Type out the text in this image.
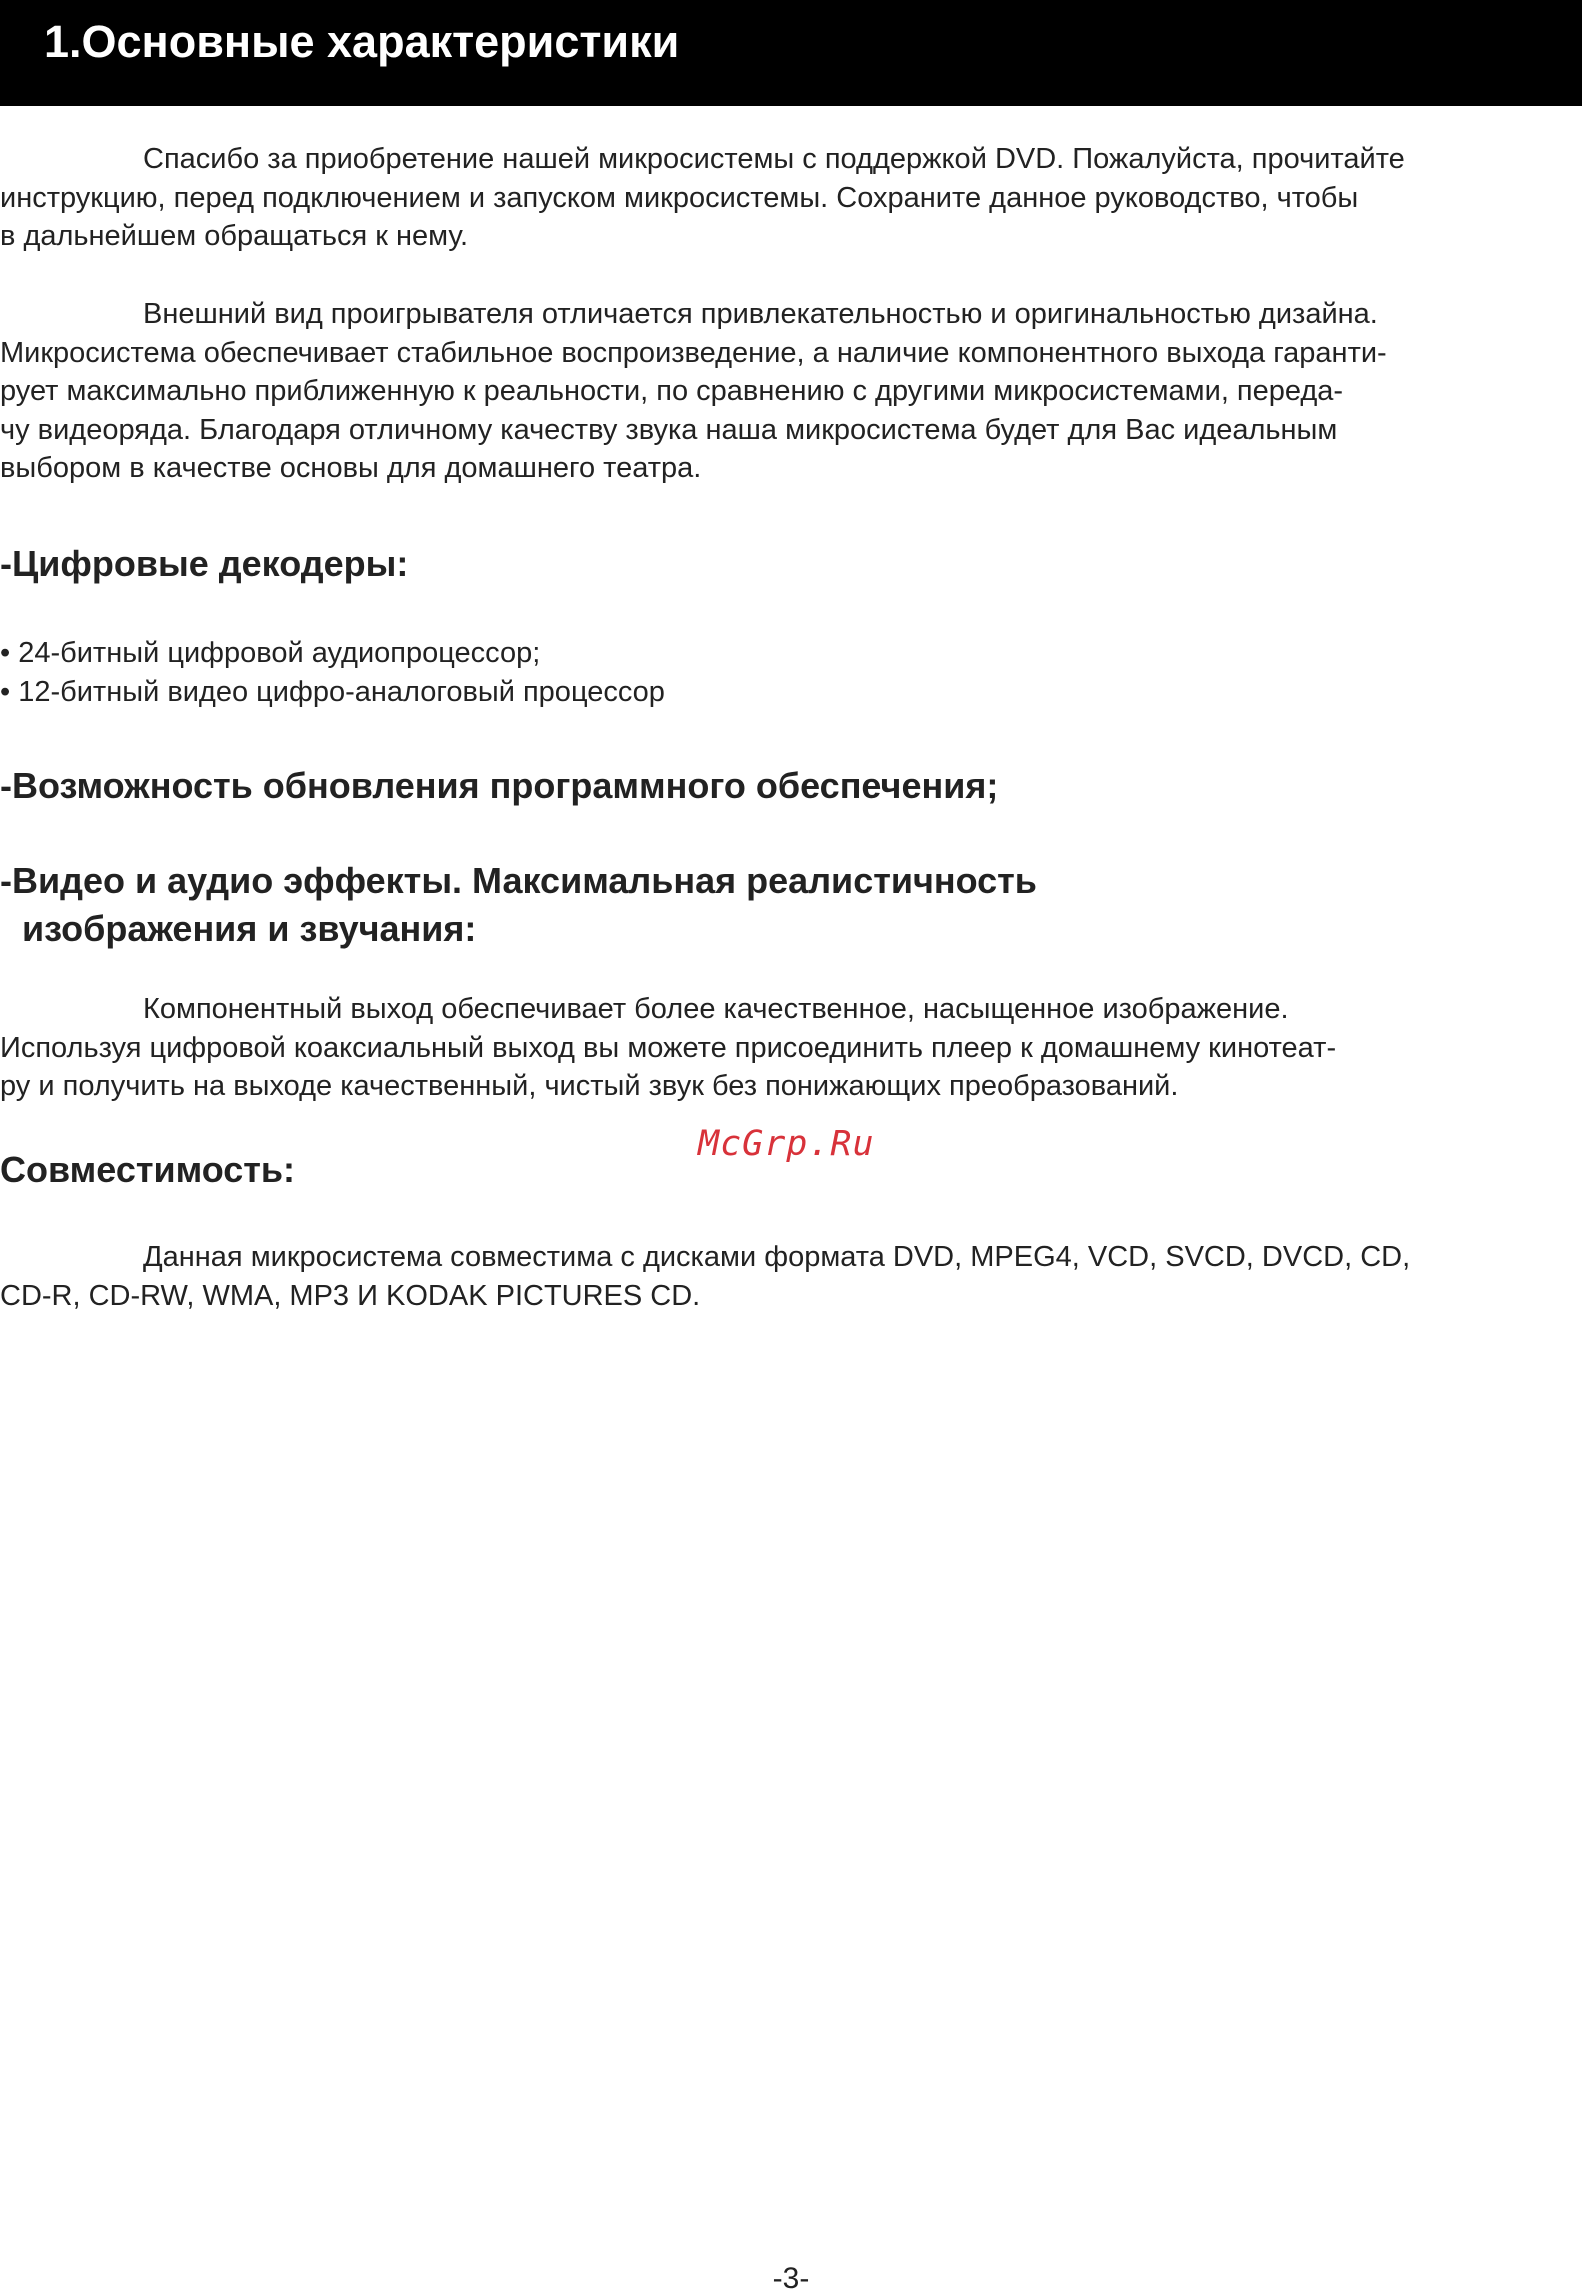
1.Основные характеристики
Спасибо за приобретение нашей микросистемы с поддержкой DVD. Пожалуйста, прочитайте
инструкцию, перед подключением и запуском микросистемы. Сохраните данное руководство, чтобы
в дальнейшем обращаться к нему.
Внешний вид проигрывателя отличается привлекательностью и оригинальностью дизайна.
Микросистема обеспечивает стабильное воспроизведение, а наличие компонентного выхода гаранти-
рует максимально приближенную к реальности, по сравнению с другими микросистемами, переда-
чу видеоряда. Благодаря отличному качеству звука наша микросистема будет для Вас идеальным
выбором в качестве основы для домашнего театра.
-Цифровые декодеры:
• 24-битный цифровой аудиопроцессор;
• 12-битный видео цифро-аналоговый процессор
-Возможность обновления программного обеспечения;
-Видео и аудио эффекты. Максимальная реалистичность
изображения и звучания:
Компонентный выход обеспечивает более качественное, насыщенное изображение.
Используя цифровой коаксиальный выход вы можете присоединить плеер к домашнему кинотеат-
ру и получить на выходе качественный, чистый звук без понижающих преобразований.
McGrp.Ru
Совместимость:
Данная микросистема совместима с дисками формата DVD, MPEG4, VCD, SVCD, DVCD, CD,
CD-R, CD-RW, WMA, MP3 И KODAK PICTURES CD.
-3-
